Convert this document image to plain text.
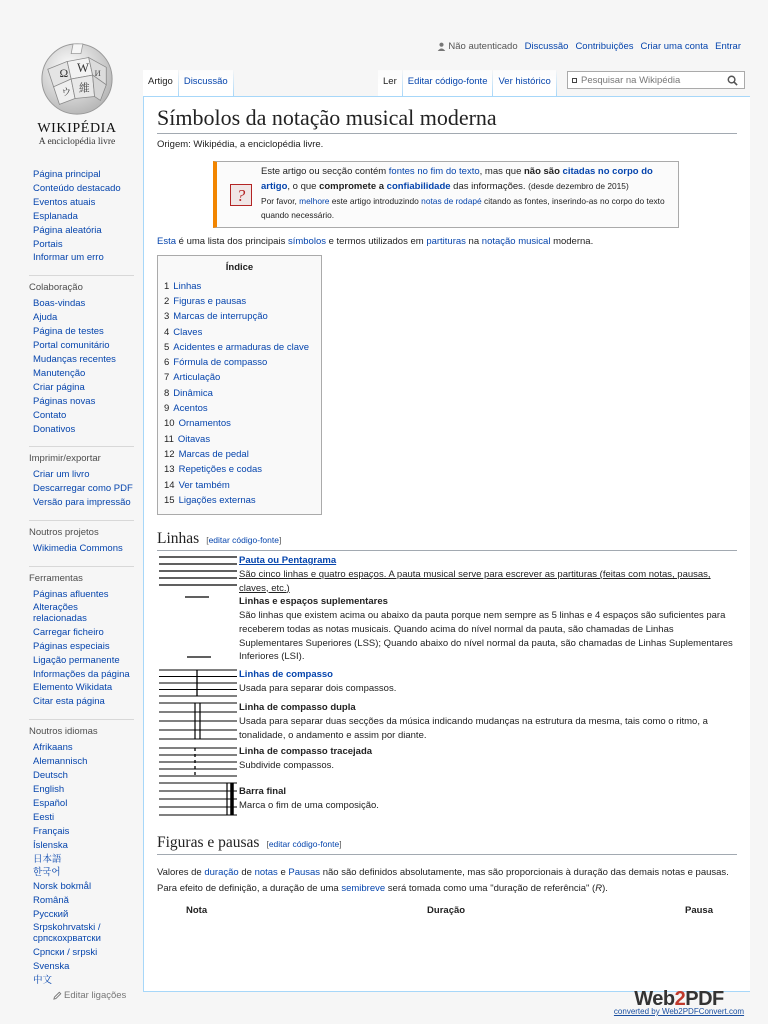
Não autenticado Discussão Contribuições Criar uma conta Entrar
Ω W И
維
ウ
WIKIPÉDIA
A enciclopédia livre
Página principal
Conteúdo destacado
Eventos atuais
Esplanada
Página aleatória
Portais
Informar um erro
Colaboração
Boas-vindas
Ajuda
Página de testes
Portal comunitário
Mudanças recentes
Manutenção
Criar página
Páginas novas
Contato
Donativos
Imprimir/exportar
Criar um livro
Descarregar como PDF
Versão para impressão
Noutros projetos
Wikimedia Commons
Ferramentas
Páginas afluentes
Alterações relacionadas
Carregar ficheiro
Páginas especiais
Ligação permanente
Informações da página
Elemento Wikidata
Citar esta página
Noutros idiomas
Afrikaans
Alemannisch
Deutsch
English
Español
Eesti
Français
Íslenska
日本語
한국어
Norsk bokmål
Română
Русский
Srpskohrvatski / српскохрватски
Српски / srpski
Svenska
中文
Editar ligações
Artigo	Discussão	Ler	Editar código-fonte	Ver histórico	Pesquisar na Wikipédia
Símbolos da notação musical moderna
Origem: Wikipédia, a enciclopédia livre.
?
Este artigo ou secção contém fontes no fim do texto, mas que não são citadas no corpo do artigo, o que compromete a confiabilidade das informações. (desde dezembro de 2015)
Por favor, melhore este artigo introduzindo notas de rodapé citando as fontes, inserindo-as no corpo do texto quando necessário.
Esta é uma lista dos principais símbolos e termos utilizados em partituras na notação musical moderna.
Índice
1 Linhas
2 Figuras e pausas
3 Marcas de interrupção
4 Claves
5 Acidentes e armaduras de clave
6 Fórmula de compasso
7 Articulação
8 Dinâmica
9 Acentos
10 Ornamentos
11 Oitavas
12 Marcas de pedal
13 Repetições e codas
14 Ver também
15 Ligações externas
Linhas [editar código-fonte]
Pauta ou Pentagrama
São cinco linhas e quatro espaços. A pauta musical serve para escrever as partituras (feitas com notas, pausas, claves, etc.)
Linhas e espaços suplementares
São linhas que existem acima ou abaixo da pauta porque nem sempre as 5 linhas e 4 espaços são suficientes para receberem todas as notas musicais. Quando acima do nível normal da pauta, são chamadas de Linhas Suplementares Superiores (LSS); Quando abaixo do nível normal da pauta, são chamadas de Linhas Suplementares Inferiores (LSI).
Linhas de compasso
Usada para separar dois compassos.
Linha de compasso dupla
Usada para separar duas secções da música indicando mudanças na estrutura da mesma, tais como o ritmo, a tonalidade, o andamento e assim por diante.
Linha de compasso tracejada
Subdivide compassos.
Barra final
Marca o fim de uma composição.
Figuras e pausas [editar código-fonte]
Valores de duração de notas e Pausas não são definidos absolutamente, mas são proporcionais à duração das demais notas e pausas. Para efeito de definição, a duração de uma semibreve será tomada como uma "duração de referência" (R).
Nota	Duração	Pausa
Web2PDF
converted by Web2PDFConvert.com
